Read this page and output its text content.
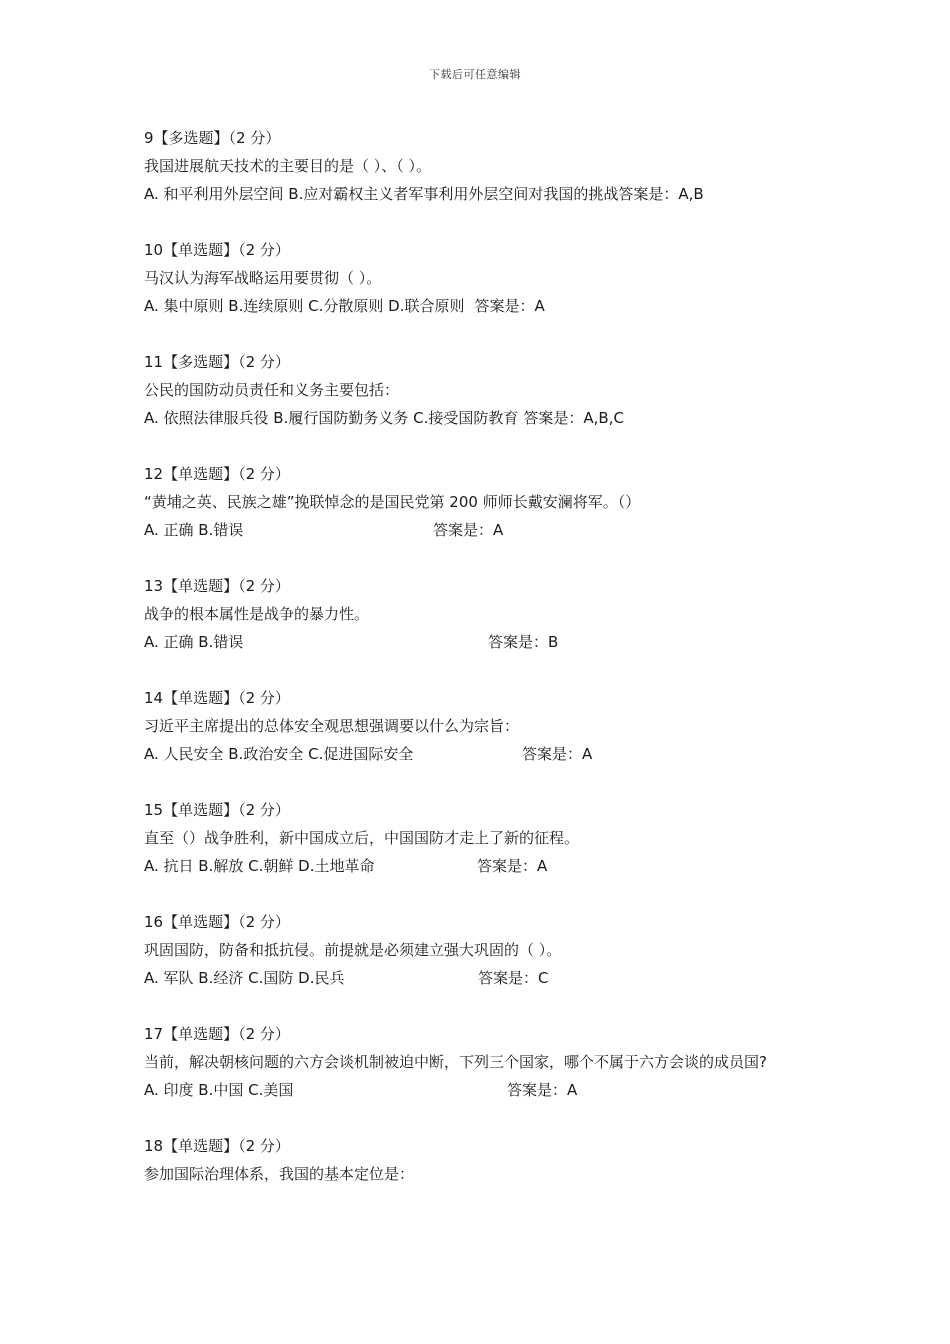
下载后可任意编辑
9【多选题】（2 分）
我国进展航天技术的主要目的是（ ）、（ ）。
A. 和平利用外层空间 B.应对霸权主义者军事利用外层空间对我国的挑战 答案是：A,B
10【单选题】（2 分）
马汉认为海军战略运用要贯彻（ ）。
A. 集中原则 B.连续原则 C.分散原则 D.联合原则 答案是：A
11【多选题】（2 分）
公民的国防动员责任和义务主要包括：
A. 依照法律服兵役 B.履行国防勤务义务 C.接受国防教育 答案是：A,B,C
12【单选题】（2 分）
“黄埔之英、民族之雄”挽联悼念的是国民党第 200 师师长戴安澜将军。（）
A. 正确 B.错误	答案是：A
13【单选题】（2 分）
战争的根本属性是战争的暴力性。
A. 正确 B.错误	答案是：B
14【单选题】（2 分）
习近平主席提出的总体安全观思想强调要以什么为宗旨：
A. 人民安全 B.政治安全 C.促进国际安全	答案是：A
15【单选题】（2 分）
直至（）战争胜利，新中国成立后，中国国防才走上了新的征程。
A. 抗日 B.解放 C.朝鲜 D.土地革命	答案是：A
16【单选题】（2 分）
巩固国防，防备和抵抗侵。前提就是必须建立强大巩固的（ ）。
A. 军队 B.经济 C.国防 D.民兵	答案是：C
17【单选题】（2 分）
当前，解决朝核问题的六方会谈机制被迫中断，下列三个国家，哪个不属于六方会谈的成员国?
A. 印度 B.中国 C.美国	答案是：A
18【单选题】（2 分）
参加国际治理体系，我国的基本定位是：
